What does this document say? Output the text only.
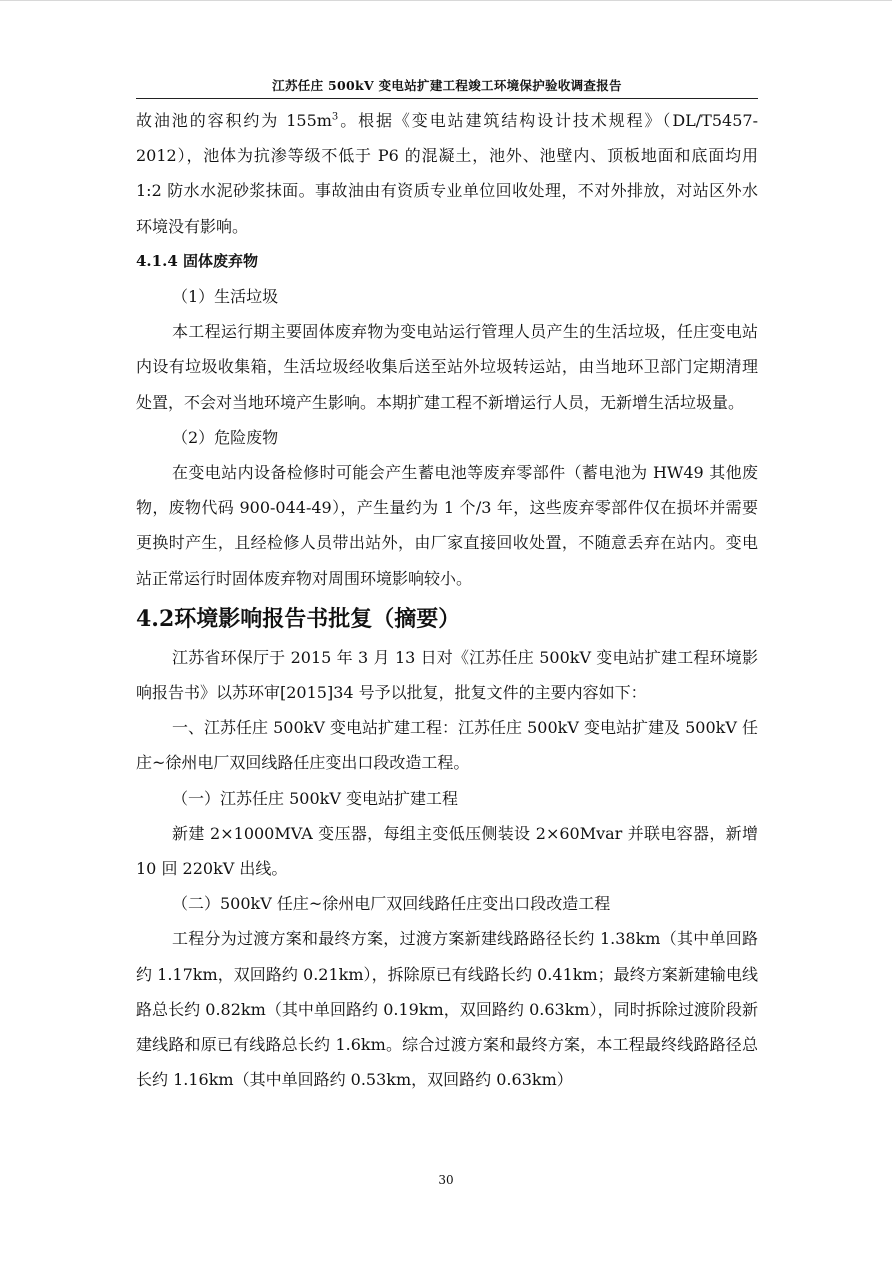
江苏任庄 500kV 变电站扩建工程竣工环境保护验收调查报告

故油池的容积约为 $155m^3$。根据《变电站建筑结构设计技术规程》（DL/T5457-2012），池体为抗渗等级不低于 P6 的混凝土，池外、池壁内、顶板地面和底面均用 1:2 防水水泥砂浆抹面。事故油由有资质专业单位回收处理，不对外排放，对站区外水环境没有影响。

4.1.4 固体废弃物

（1）生活垃圾

本工程运行期主要固体废弃物为变电站运行管理人员产生的生活垃圾，任庄变电站内设有垃圾收集箱，生活垃圾经收集后送至站外垃圾转运站，由当地环卫部门定期清理处置，不会对当地环境产生影响。本期扩建工程不新增运行人员，无新增生活垃圾量。

（2）危险废物

在变电站内设备检修时可能会产生蓄电池等废弃零部件（蓄电池为 HW49 其他废物，废物代码 900-044-49），产生量约为 1 个/3 年，这些废弃零部件仅在损坏并需要更换时产生，且经检修人员带出站外，由厂家直接回收处置，不随意丢弃在站内。变电站正常运行时固体废弃物对周围环境影响较小。

4.2环境影响报告书批复（摘要）

江苏省环保厅于 2015 年 3 月 13 日对《江苏任庄 500kV 变电站扩建工程环境影响报告书》以苏环审[2015]34 号予以批复，批复文件的主要内容如下：

一、江苏任庄 500kV 变电站扩建工程：江苏任庄 500kV 变电站扩建及 500kV 任庄~徐州电厂双回线路任庄变出口段改造工程。

（一）江苏任庄 500kV 变电站扩建工程

新建 2×1000MVA 变压器，每组主变低压侧装设 2×60Mvar 并联电容器，新增 10 回 220kV 出线。

（二）500kV 任庄~徐州电厂双回线路任庄变出口段改造工程

工程分为过渡方案和最终方案，过渡方案新建线路路径长约 1.38km（其中单回路约 1.17km，双回路约 0.21km），拆除原已有线路长约 0.41km；最终方案新建输电线路总长约 0.82km（其中单回路约 0.19km，双回路约 0.63km），同时拆除过渡阶段新建线路和原已有线路总长约 1.6km。综合过渡方案和最终方案，本工程最终线路路径总长约 1.16km（其中单回路约 0.53km，双回路约 0.63km）

30
